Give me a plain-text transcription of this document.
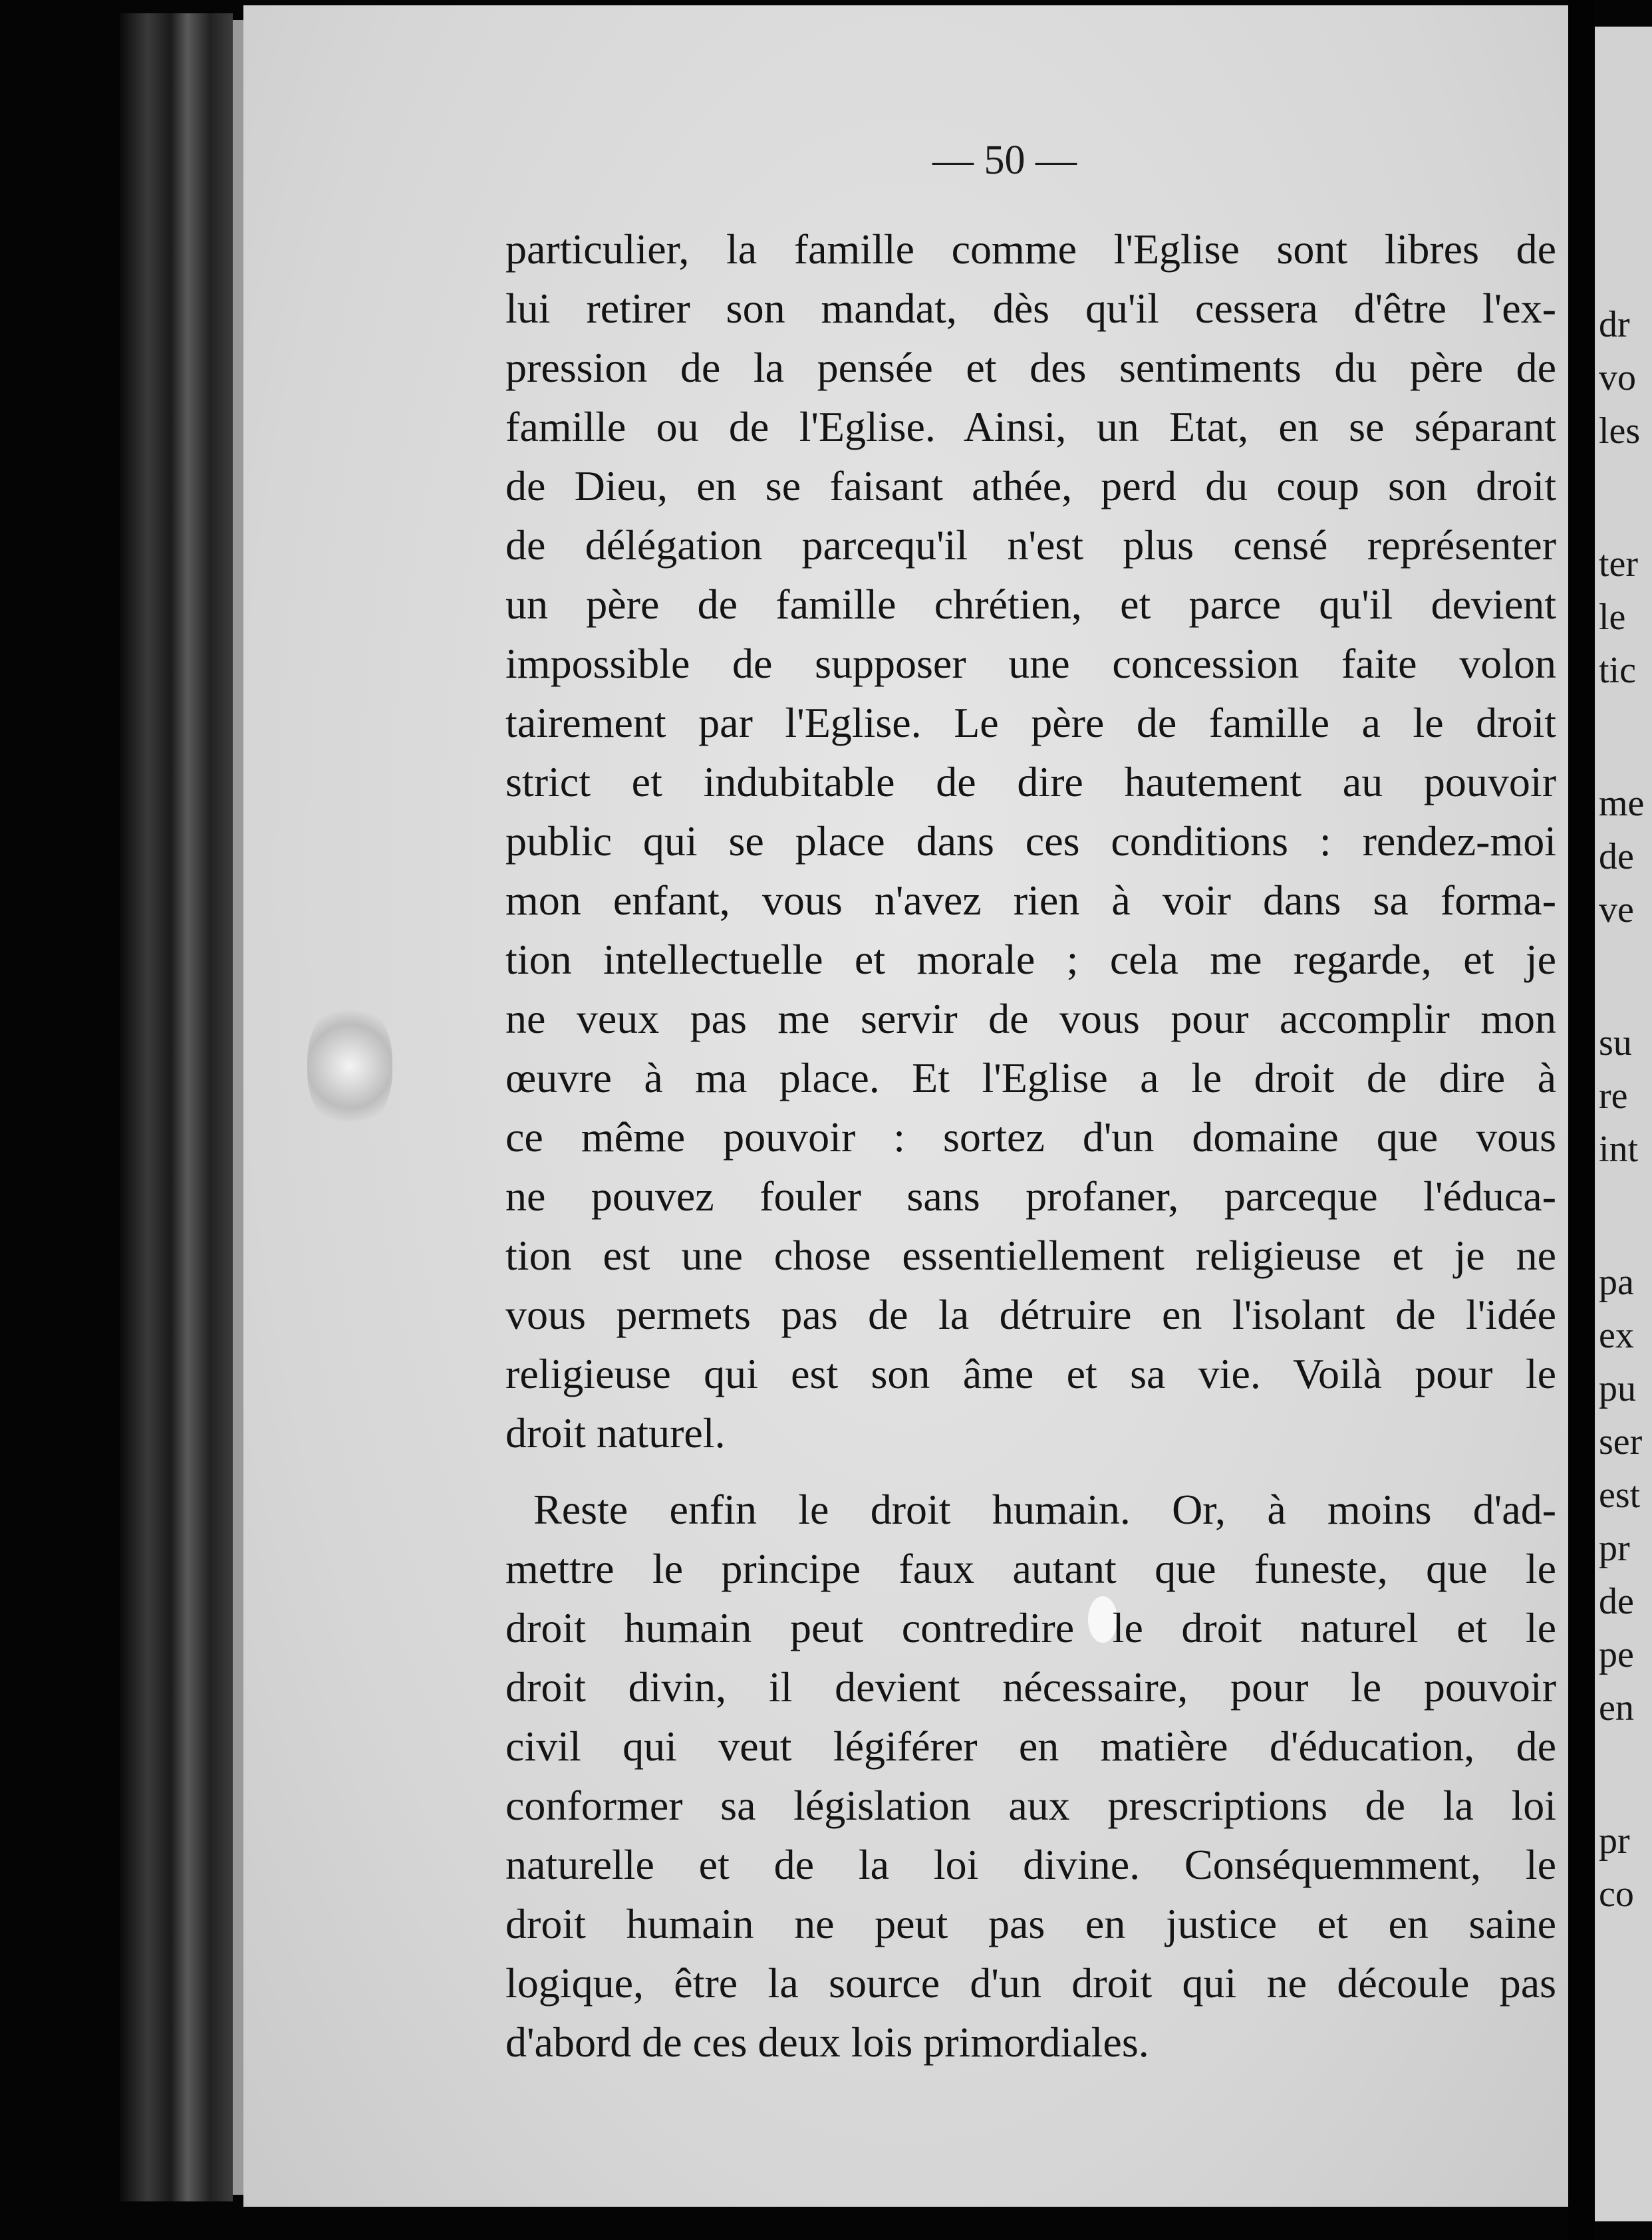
— 50 —
particulier, la famille comme l'Eglise sont libres de
lui retirer son mandat, dès qu'il cessera d'être l'ex-
pression de la pensée et des sentiments du père de
famille ou de l'Eglise. Ainsi, un Etat, en se séparant
de Dieu, en se faisant athée, perd du coup son droit
de délégation parcequ'il n'est plus censé représenter
un père de famille chrétien, et parce qu'il devient
impossible de supposer une concession faite volon
tairement par l'Eglise. Le père de famille a le droit
strict et indubitable de dire hautement au pouvoir
public qui se place dans ces conditions : rendez-moi
mon enfant, vous n'avez rien à voir dans sa forma-
tion intellectuelle et morale ; cela me regarde, et je
ne veux pas me servir de vous pour accomplir mon
œuvre à ma place. Et l'Eglise a le droit de dire à
ce même pouvoir : sortez d'un domaine que vous
ne pouvez fouler sans profaner, parceque l'éduca-
tion est une chose essentiellement religieuse et je ne
vous permets pas de la détruire en l'isolant de l'idée
religieuse qui est son âme et sa vie. Voilà pour le
droit naturel.
Reste enfin le droit humain. Or, à moins d'ad-
mettre le principe faux autant que funeste, que le
droit humain peut contredire le droit naturel et le
droit divin, il devient nécessaire, pour le pouvoir
civil qui veut légiférer en matière d'éducation, de
conformer sa législation aux prescriptions de la loi
naturelle et de la loi divine. Conséquemment, le
droit humain ne peut pas en justice et en saine
logique, être la source d'un droit qui ne découle pas
d'abord de ces deux lois primordiales.
dr
vo
les
ter
le
tic
me
de
ve
su
re
int
pa
ex
pu
ser
est
pr
de
pe
en
pr
co
